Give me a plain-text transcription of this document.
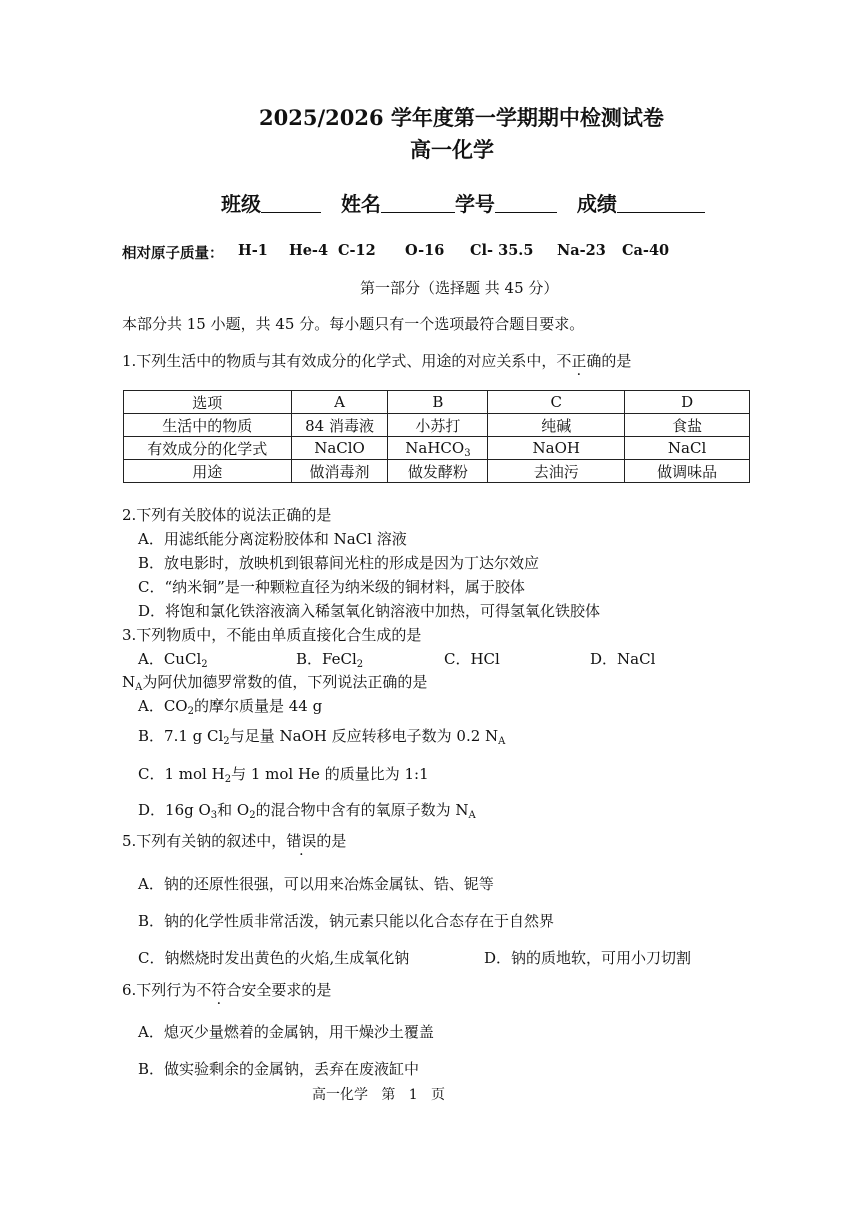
2025/2026 学年度第一学期期中检测试卷
高一化学
班级	姓名	学号	成绩
相对原子质量： H-1 He-4 C-12 O-16 Cl- 35.5 Na-23 Ca-40
第一部分（选择题 共 45 分）
本部分共 15 小题，共 45 分。每小题只有一个选项最符合题目要求。
1.下列生活中的物质与其有效成分的化学式、用途的对应关系中，不正确的是
选项	A	B	C	D
生活中的物质	84 消毒液	小苏打	纯碱	食盐
有效成分的化学式	NaClO	NaHCO$_3$	NaOH	NaCl
用途	做消毒剂	做发酵粉	去油污	做调味品
2.下列有关胶体的说法正确的是
A．用滤纸能分离淀粉胶体和 NaCl 溶液
B．放电影时，放映机到银幕间光柱的形成是因为丁达尔效应
C．“纳米铜”是一种颗粒直径为纳米级的铜材料，属于胶体
D．将饱和氯化铁溶液滴入稀氢氧化钠溶液中加热，可得氢氧化铁胶体
3.下列物质中，不能由单质直接化合生成的是
A．CuCl$_2$	B．FeCl$_2$	C．HCl	D．NaCl
$N_A$为阿伏加德罗常数的值，下列说法正确的是
A．$CO_2$的摩尔质量是 44 g
B．7.1 g $Cl_2$与足量 NaOH 反应转移电子数为 0.2 $N_A$
C．1 mol $H_2$与 1 mol He 的质量比为 1:1
D．16g $O_3$和 $O_2$的混合物中含有的氧原子数为 $N_A$
5.下列有关钠的叙述中，错误的是
A．钠的还原性很强，可以用来冶炼金属钛、锆、铌等
B．钠的化学性质非常活泼，钠元素只能以化合态存在于自然界
C．钠燃烧时发出黄色的火焰,生成氧化钠	D．钠的质地软，可用小刀切割
6.下列行为不符合安全要求的是
A．熄灭少量燃着的金属钠，用干燥沙土覆盖
B．做实验剩余的金属钠，丢弃在废液缸中
高一化学   第   1   页
